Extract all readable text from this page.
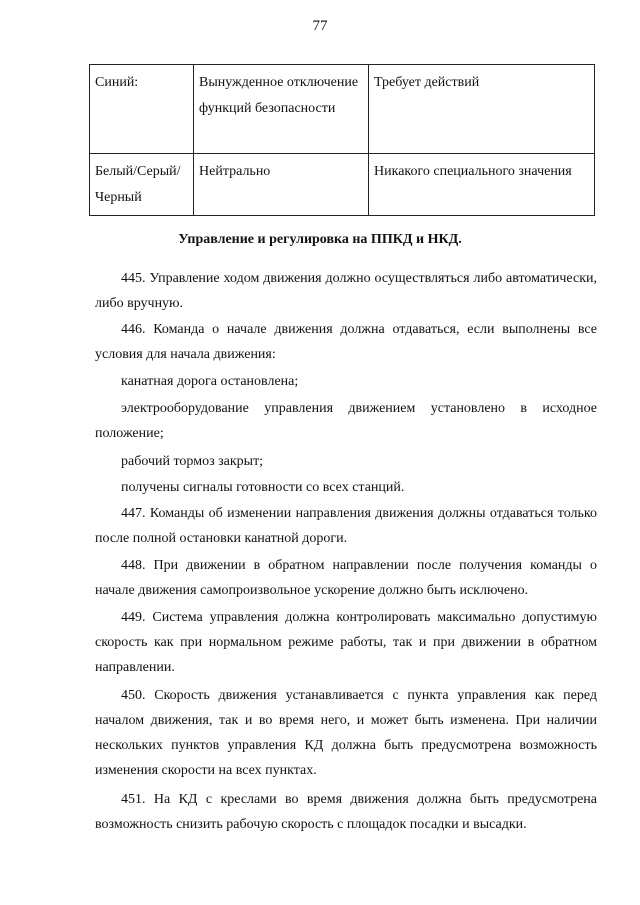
77
Синий:	Вынужденное отключение функций безопасности	Требует действий
Белый/Серый/ Черный	Нейтрально	Никакого специального значения
Управление и регулировка на ППКД и НКД.

445. Управление ходом движения должно осуществляться либо автоматически, либо вручную.

446. Команда о начале движения должна отдаваться, если выполнены все условия для начала движения:

канатная дорога остановлена;

электрооборудование управления движением установлено в исходное положение;

рабочий тормоз закрыт;

получены сигналы готовности со всех станций.

447. Команды об изменении направления движения должны отдаваться только после полной остановки канатной дороги.

448. При движении в обратном направлении после получения команды о начале движения самопроизвольное ускорение должно быть исключено.

449. Система управления должна контролировать максимально допустимую скорость как при нормальном режиме работы, так и при движении в обратном направлении.

450. Скорость движения устанавливается с пункта управления как перед началом движения, так и во время него, и может быть изменена. При наличии нескольких пунктов управления КД должна быть предусмотрена возможность изменения скорости на всех пунктах.

451. На КД с креслами во время движения должна быть предусмотрена возможность снизить рабочую скорость с площадок посадки и высадки.
